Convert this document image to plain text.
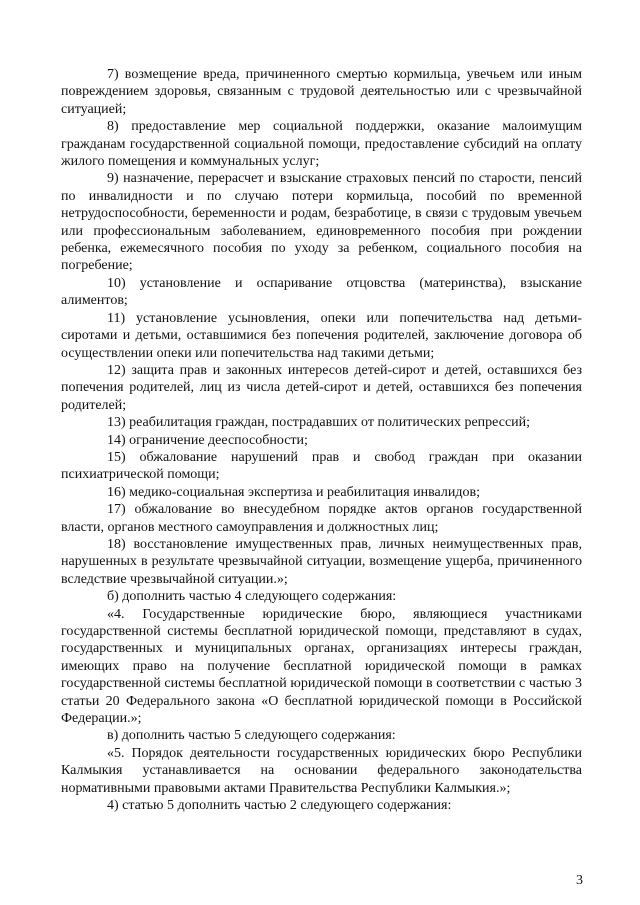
7) возмещение вреда, причиненного смертью кормильца, увечьем или иным повреждением здоровья, связанным с трудовой деятельностью или с чрезвычайной ситуацией;

8) предоставление мер социальной поддержки, оказание малоимущим гражданам государственной социальной помощи, предоставление субсидий на оплату жилого помещения и коммунальных услуг;

9) назначение, перерасчет и взыскание страховых пенсий по старости, пенсий по инвалидности и по случаю потери кормильца, пособий по временной нетрудоспособности, беременности и родам, безработице, в связи с трудовым увечьем или профессиональным заболеванием, единовременного пособия при рождении ребенка, ежемесячного пособия по уходу за ребенком, социального пособия на погребение;

10) установление и оспаривание отцовства (материнства), взыскание алиментов;

11) установление усыновления, опеки или попечительства над детьми-сиротами и детьми, оставшимися без попечения родителей, заключение договора об осуществлении опеки или попечительства над такими детьми;

12) защита прав и законных интересов детей-сирот и детей, оставшихся без попечения родителей, лиц из числа детей-сирот и детей, оставшихся без попечения родителей;

13) реабилитация граждан, пострадавших от политических репрессий;

14) ограничение дееспособности;

15) обжалование нарушений прав и свобод граждан при оказании психиатрической помощи;

16) медико-социальная экспертиза и реабилитация инвалидов;

17) обжалование во внесудебном порядке актов органов государственной власти, органов местного самоуправления и должностных лиц;

18) восстановление имущественных прав, личных неимущественных прав, нарушенных в результате чрезвычайной ситуации, возмещение ущерба, причиненного вследствие чрезвычайной ситуации.»;

б) дополнить частью 4 следующего содержания:

«4. Государственные юридические бюро, являющиеся участниками государственной системы бесплатной юридической помощи, представляют в судах, государственных и муниципальных органах, организациях интересы граждан, имеющих право на получение бесплатной юридической помощи в рамках государственной системы бесплатной юридической помощи в соответствии с частью 3 статьи 20 Федерального закона «О бесплатной юридической помощи в Российской Федерации.»;

в) дополнить частью 5 следующего содержания:

«5. Порядок деятельности государственных юридических бюро Республики Калмыкия устанавливается на основании федерального законодательства нормативными правовыми актами Правительства Республики Калмыкия.»;

4) статью 5 дополнить частью 2 следующего содержания:

3
